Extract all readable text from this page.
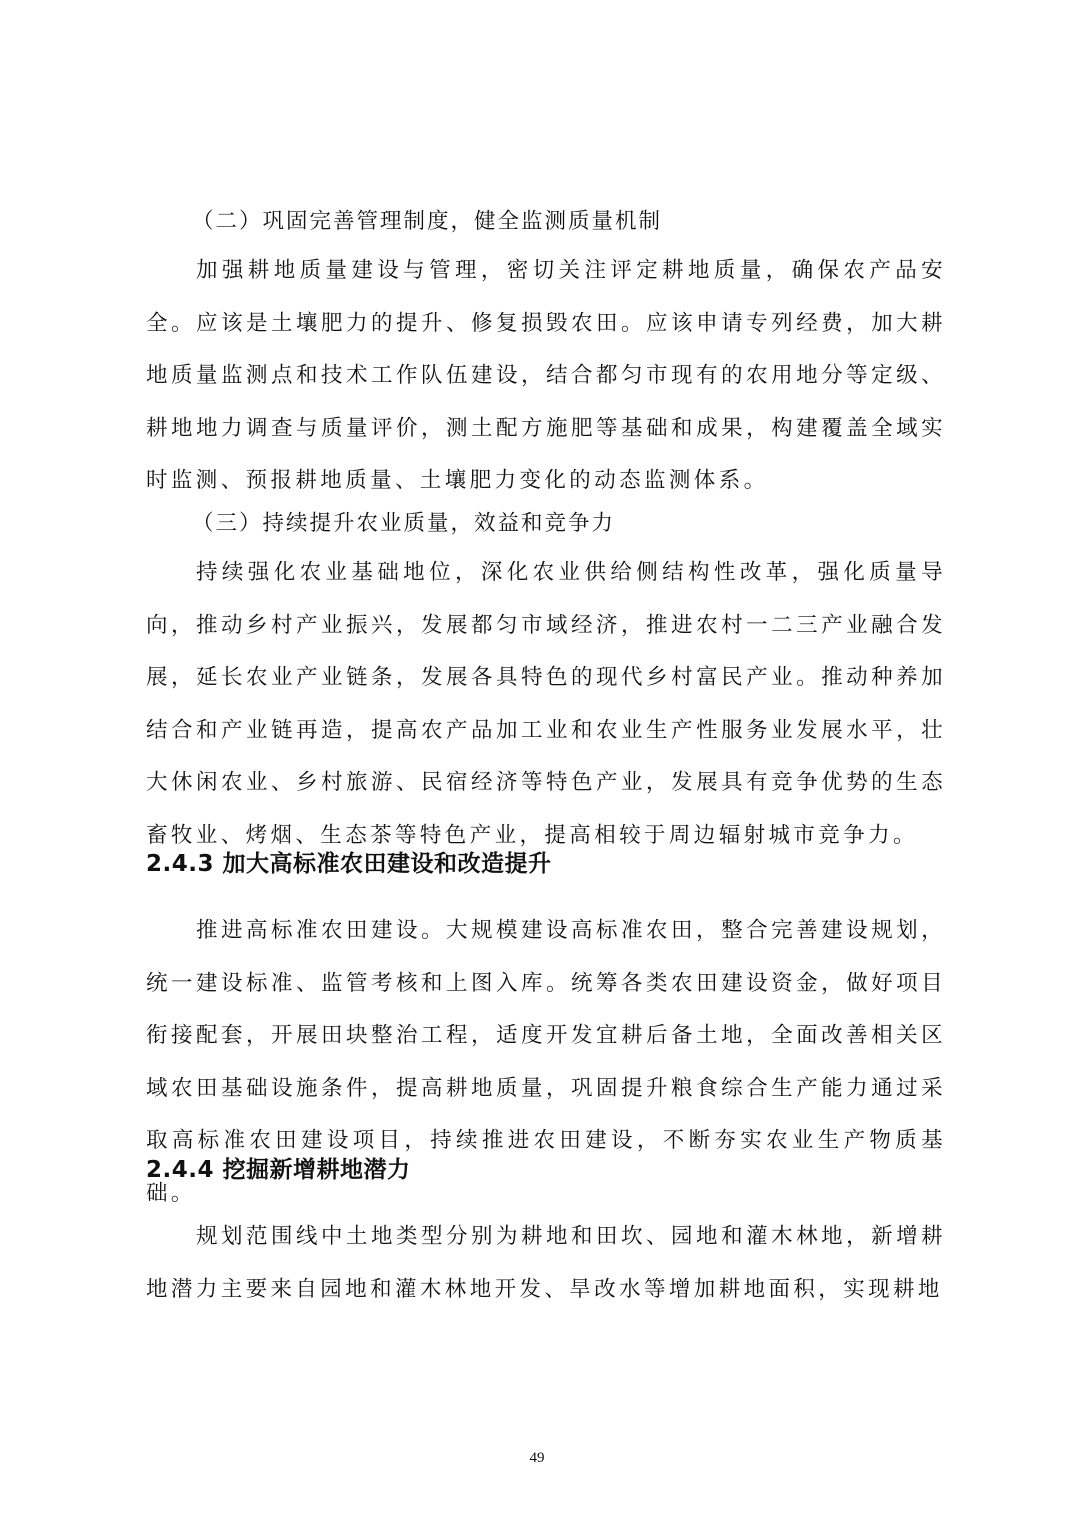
（二）巩固完善管理制度，健全监测质量机制

加强耕地质量建设与管理，密切关注评定耕地质量，确保农产品安全。应该是土壤肥力的提升、修复损毁农田。应该申请专列经费，加大耕地质量监测点和技术工作队伍建设，结合都匀市现有的农用地分等定级、耕地地力调查与质量评价，测土配方施肥等基础和成果，构建覆盖全域实时监测、预报耕地质量、土壤肥力变化的动态监测体系。

（三）持续提升农业质量，效益和竞争力

持续强化农业基础地位，深化农业供给侧结构性改革，强化质量导向，推动乡村产业振兴，发展都匀市域经济，推进农村一二三产业融合发展，延长农业产业链条，发展各具特色的现代乡村富民产业。推动种养加结合和产业链再造，提高农产品加工业和农业生产性服务业发展水平，壮大休闲农业、乡村旅游、民宿经济等特色产业，发展具有竞争优势的生态畜牧业、烤烟、生态茶等特色产业，提高相较于周边辐射城市竞争力。

2.4.3 加大高标准农田建设和改造提升

推进高标准农田建设。大规模建设高标准农田，整合完善建设规划，统一建设标准、监管考核和上图入库。统筹各类农田建设资金，做好项目衔接配套，开展田块整治工程，适度开发宜耕后备土地，全面改善相关区域农田基础设施条件，提高耕地质量，巩固提升粮食综合生产能力通过采取高标准农田建设项目，持续推进农田建设，不断夯实农业生产物质基础。

2.4.4 挖掘新增耕地潜力

规划范围线中土地类型分别为耕地和田坎、园地和灌木林地，新增耕地潜力主要来自园地和灌木林地开发、旱改水等增加耕地面积，实现耕地

49
